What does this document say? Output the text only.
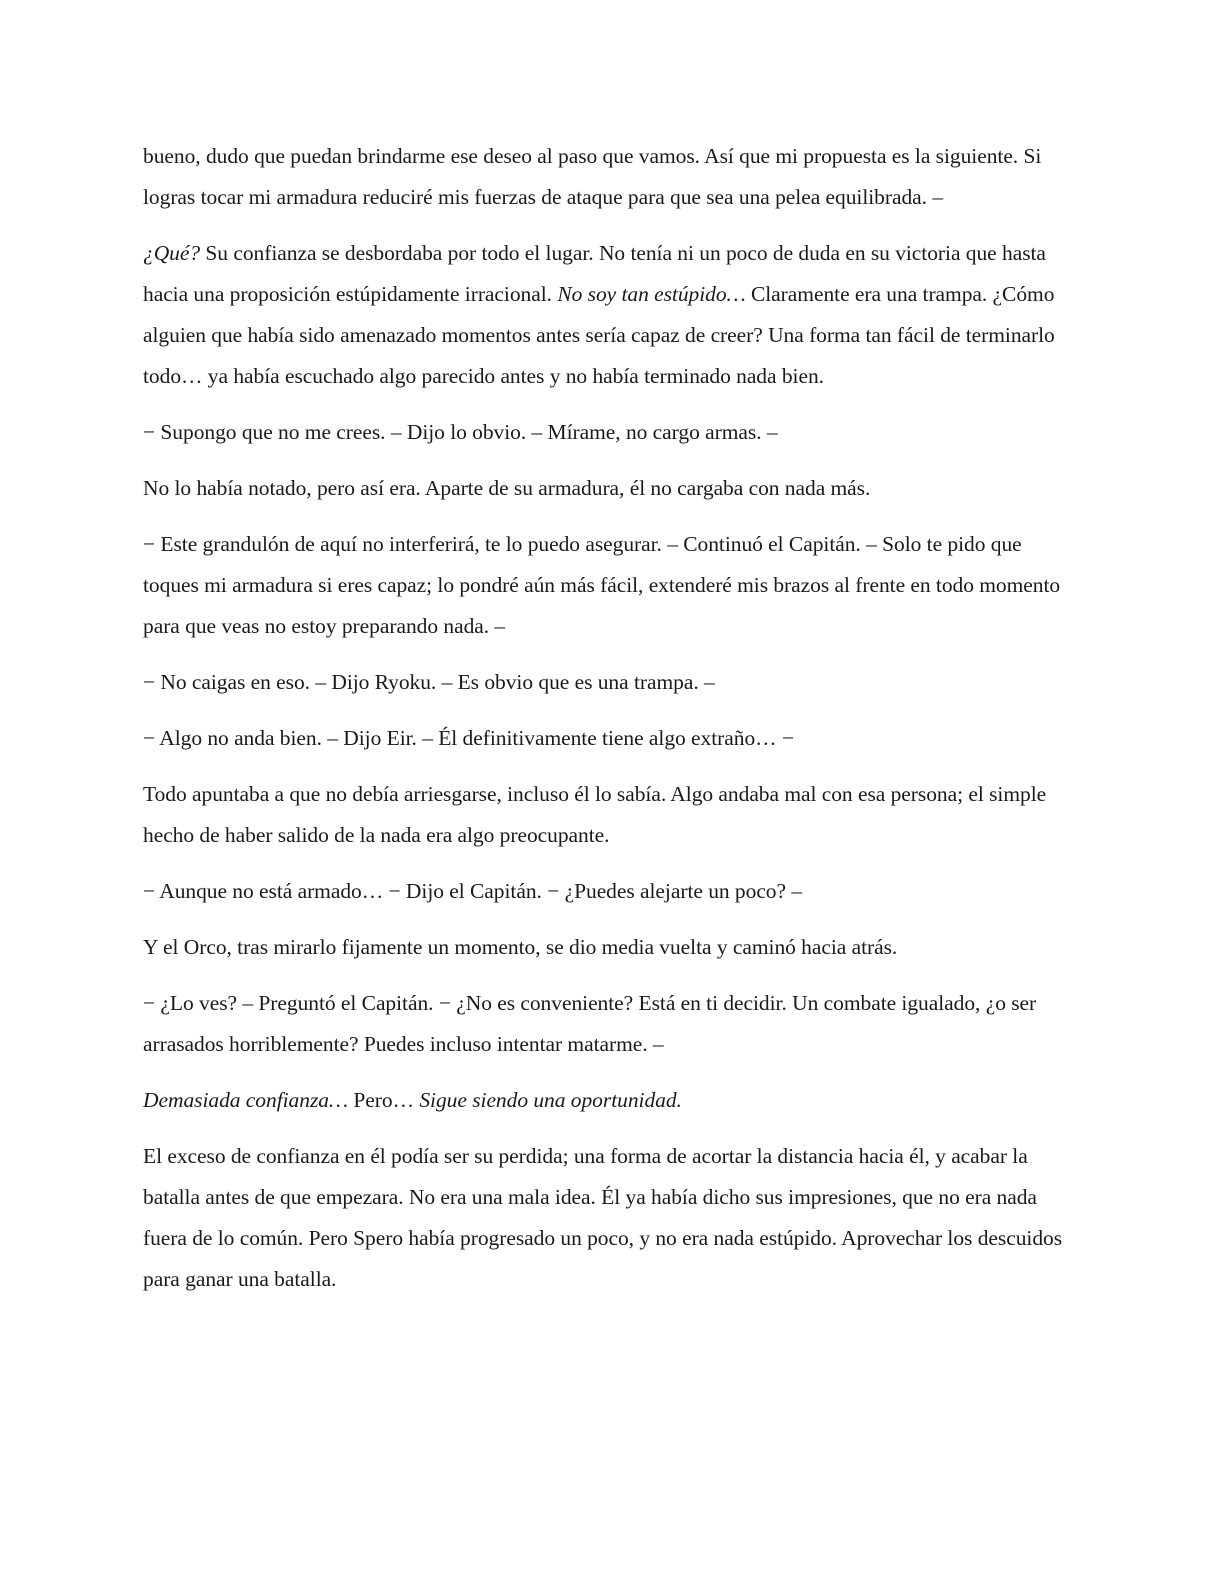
bueno, dudo que puedan brindarme ese deseo al paso que vamos. Así que mi propuesta es la siguiente. Si logras tocar mi armadura reduciré mis fuerzas de ataque para que sea una pelea equilibrada. –

¿Qué? Su confianza se desbordaba por todo el lugar. No tenía ni un poco de duda en su victoria que hasta hacia una proposición estúpidamente irracional. No soy tan estúpido… Claramente era una trampa. ¿Cómo alguien que había sido amenazado momentos antes sería capaz de creer? Una forma tan fácil de terminarlo todo… ya había escuchado algo parecido antes y no había terminado nada bien.

− Supongo que no me crees. – Dijo lo obvio. – Mírame, no cargo armas. –

No lo había notado, pero así era. Aparte de su armadura, él no cargaba con nada más.

− Este grandulón de aquí no interferirá, te lo puedo asegurar. – Continuó el Capitán. – Solo te pido que toques mi armadura si eres capaz; lo pondré aún más fácil, extenderé mis brazos al frente en todo momento para que veas no estoy preparando nada. –

− No caigas en eso. – Dijo Ryoku. – Es obvio que es una trampa. –

− Algo no anda bien. – Dijo Eir. – Él definitivamente tiene algo extraño… −

Todo apuntaba a que no debía arriesgarse, incluso él lo sabía. Algo andaba mal con esa persona; el simple hecho de haber salido de la nada era algo preocupante.

− Aunque no está armado… − Dijo el Capitán. − ¿Puedes alejarte un poco? –

Y el Orco, tras mirarlo fijamente un momento, se dio media vuelta y caminó hacia atrás.

− ¿Lo ves? – Preguntó el Capitán. − ¿No es conveniente? Está en ti decidir. Un combate igualado, ¿o ser arrasados horriblemente? Puedes incluso intentar matarme. –

Demasiada confianza… Pero… Sigue siendo una oportunidad.

El exceso de confianza en él podía ser su perdida; una forma de acortar la distancia hacia él, y acabar la batalla antes de que empezara. No era una mala idea. Él ya había dicho sus impresiones, que no era nada fuera de lo común. Pero Spero había progresado un poco, y no era nada estúpido. Aprovechar los descuidos para ganar una batalla.
